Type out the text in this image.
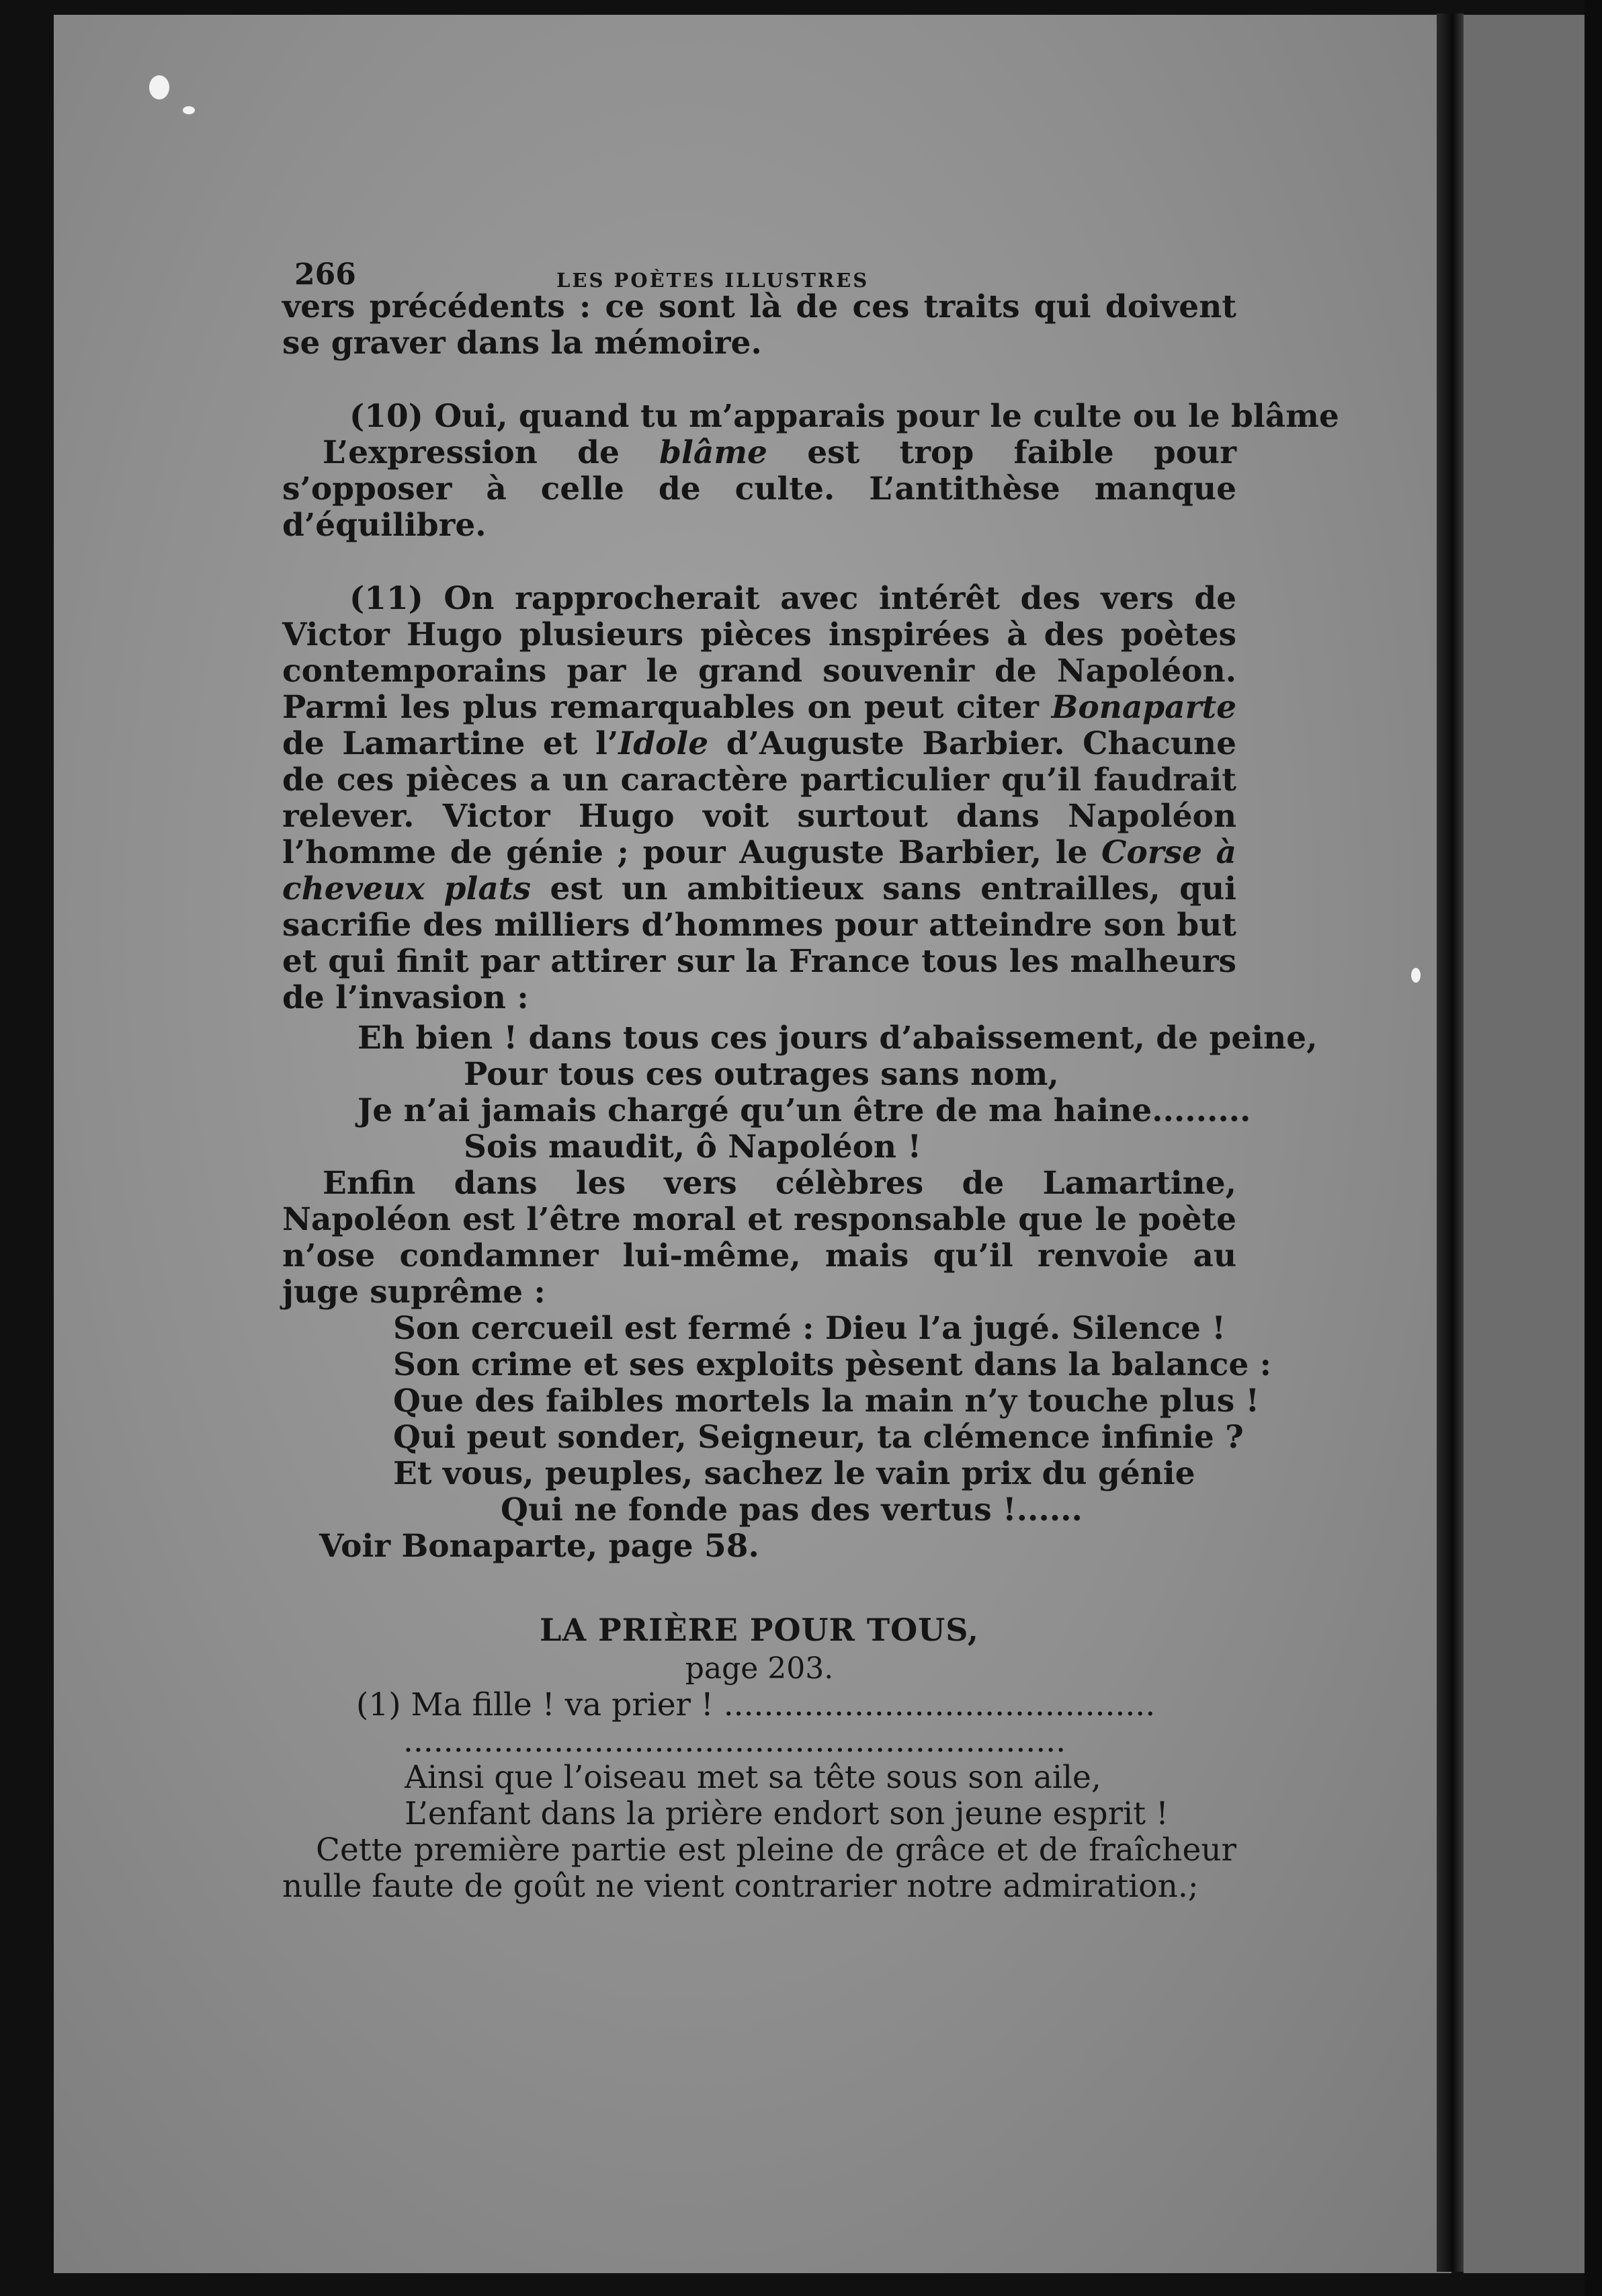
266	LES POÈTES ILLUSTRES

vers précédents : ce sont là de ces traits qui doivent se graver dans la mémoire.

(10) Oui, quand tu m’apparais pour le culte ou le blâme

L’expression de blâme est trop faible pour s’opposer à celle de culte. L’antithèse manque d’équilibre.

(11) On rapprocherait avec intérêt des vers de Victor Hugo plusieurs pièces inspirées à des poètes contemporains par le grand souvenir de Napoléon. Parmi les plus remarquables on peut citer Bonaparte de Lamartine et l’Idole d’Auguste Barbier. Chacune de ces pièces a un caractère particulier qu’il faudrait relever. Victor Hugo voit surtout dans Napoléon l’homme de génie ; pour Auguste Barbier, le Corse à cheveux plats est un ambitieux sans entrailles, qui sacrifie des milliers d’hommes pour atteindre son but et qui finit par attirer sur la France tous les malheurs de l’invasion :

Eh bien ! dans tous ces jours d’abaissement, de peine,

Pour tous ces outrages sans nom,

Je n’ai jamais chargé qu’un être de ma haine.........

Sois maudit, ô Napoléon !

Enfin dans les vers célèbres de Lamartine, Napoléon est l’être moral et responsable que le poète n’ose condamner lui-même, mais qu’il renvoie au juge suprême :

Son cercueil est fermé : Dieu l’a jugé. Silence !

Son crime et ses exploits pèsent dans la balance :

Que des faibles mortels la main n’y touche plus !

Qui peut sonder, Seigneur, ta clémence infinie ?

Et vous, peuples, sachez le vain prix du génie

Qui ne fonde pas des vertus !......

Voir Bonaparte, page 58.

LA PRIÈRE POUR TOUS,

page 203.

(1) Ma fille ! va prier ! ...........................................

..................................................................

Ainsi que l’oiseau met sa tête sous son aile,

L’enfant dans la prière endort son jeune esprit !

Cette première partie est pleine de grâce et de fraîcheur nulle faute de goût ne vient contrarier notre admiration.;
